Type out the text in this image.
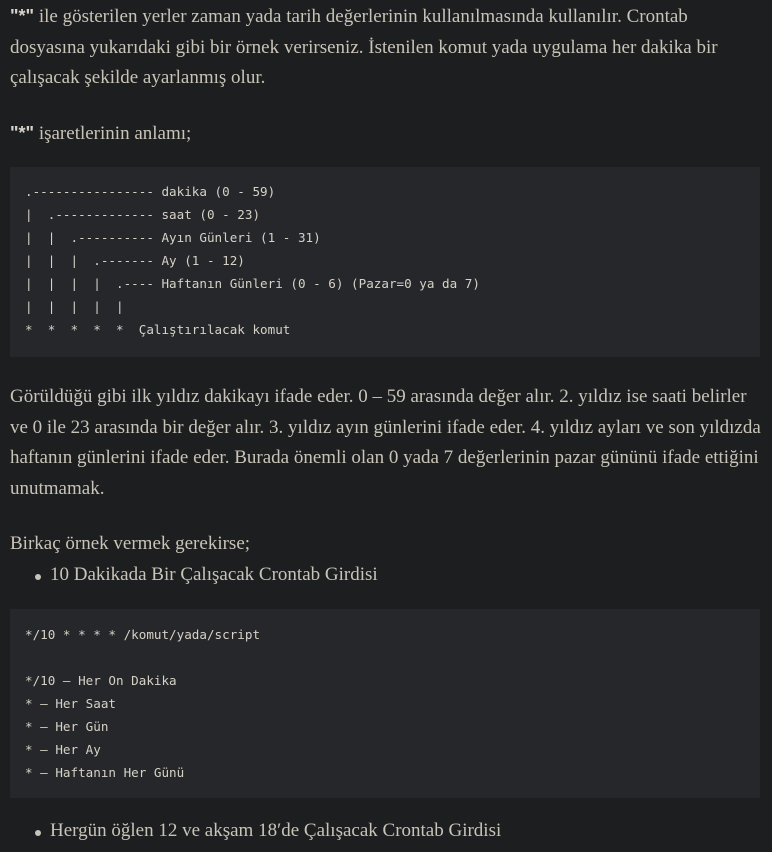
"*" ile gösterilen yerler zaman yada tarih değerlerinin kullanılmasında kullanılır. Crontab dosyasına yukarıdaki gibi bir örnek verirseniz. İstenilen komut yada uygulama her dakika bir çalışacak şekilde ayarlanmış olur.

"*" işaretlerinin anlamı;

.---------------- dakika (0 - 59)
|  .------------- saat (0 - 23)
|  |  .---------- Ayın Günleri (1 - 31)
|  |  |  .------- Ay (1 - 12)
|  |  |  |  .---- Haftanın Günleri (0 - 6) (Pazar=0 ya da 7)
|  |  |  |  |
*  *  *  *  *  Çalıştırılacak komut

Görüldüğü gibi ilk yıldız dakikayı ifade eder. 0 – 59 arasında değer alır. 2. yıldız ise saati belirler ve 0 ile 23 arasında bir değer alır. 3. yıldız ayın günlerini ifade eder. 4. yıldız ayları ve son yıldızda haftanın günlerini ifade eder. Burada önemli olan 0 yada 7 değerlerinin pazar gününü ifade ettiğini unutmamak.

Birkaç örnek vermek gerekirse;

10 Dakikada Bir Çalışacak Crontab Girdisi
*/10 * * * * /komut/yada/script

*/10 – Her On Dakika
* – Her Saat
* – Her Gün
* – Her Ay
* – Haftanın Her Günü
Hergün öğlen 12 ve akşam 18′de Çalışacak Crontab Girdisi
